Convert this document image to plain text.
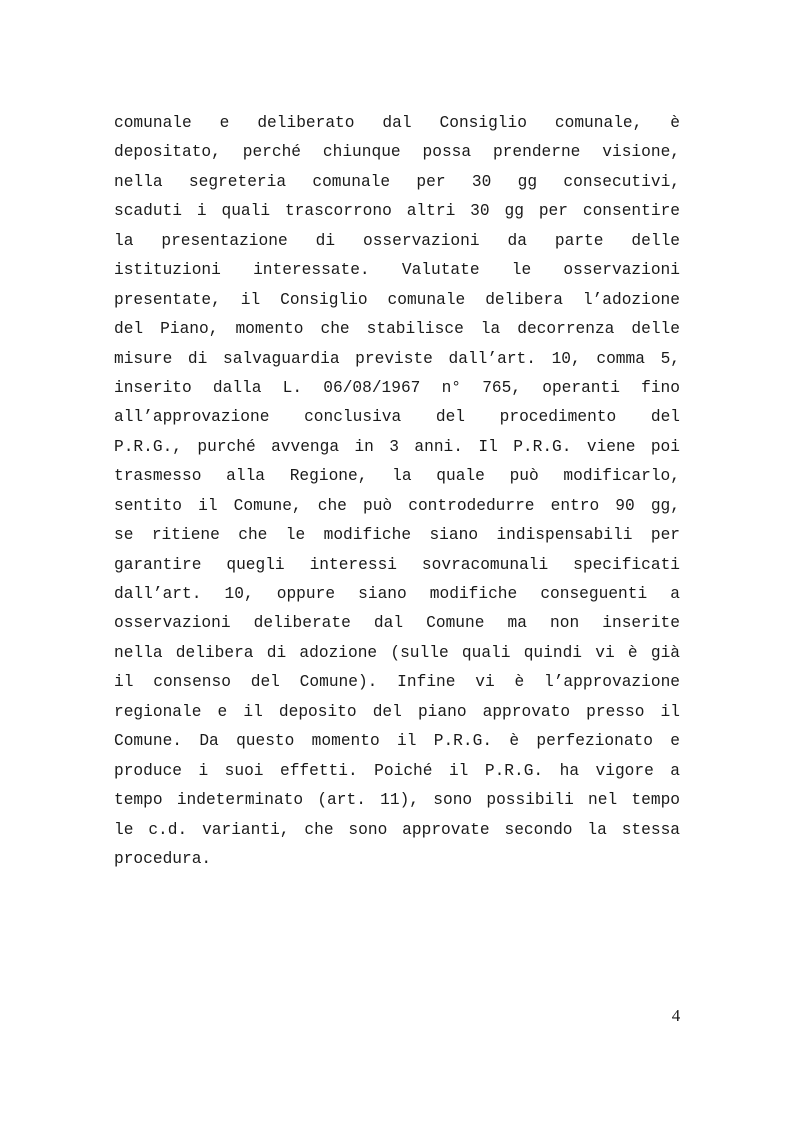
comunale e deliberato dal Consiglio comunale, è
depositato, perché chiunque possa prenderne visione,
nella segreteria comunale per 30 gg consecutivi,
scaduti i quali trascorrono altri 30 gg per consentire
la presentazione di osservazioni da parte delle
istituzioni interessate. Valutate le osservazioni
presentate, il Consiglio comunale delibera l’adozione
del Piano, momento che stabilisce la decorrenza delle
misure di salvaguardia previste dall’art. 10, comma 5,
inserito dalla L. 06/08/1967 n° 765, operanti fino
all’approvazione conclusiva del procedimento del
P.R.G., purché avvenga in 3 anni. Il P.R.G. viene poi
trasmesso alla Regione, la quale può modificarlo,
sentito il Comune, che può controdedurre entro 90 gg,
se ritiene che le modifiche siano indispensabili per
garantire quegli interessi sovracomunali specificati
dall’art. 10, oppure siano modifiche conseguenti a
osservazioni deliberate dal Comune ma non inserite
nella delibera di adozione (sulle quali quindi vi è già
il consenso del Comune). Infine vi è l’approvazione
regionale e il deposito del piano approvato presso il
Comune. Da questo momento il P.R.G. è perfezionato e
produce i suoi effetti. Poiché il P.R.G. ha vigore a
tempo indeterminato (art. 11), sono possibili nel tempo
le c.d. varianti, che sono approvate secondo la stessa
procedura.
4
